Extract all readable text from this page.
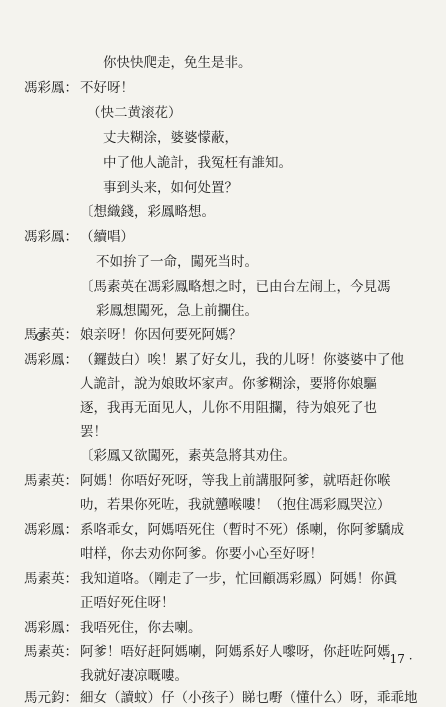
你快快爬走，免生是非。
馮彩鳳： 不好呀！
（快二黄滚花）
丈夫糊涂，婆婆懞蔽，
中了他人詭計，我冤枉有誰知。
事到头来，如何处置？
〔想織錢，彩鳳略想。
馮彩鳳： （續唱）
不如拚了一命，闖死当时。
〔馬素英在馮彩鳳略想之时，已由台左闹上，今見馮
彩鳳想闖死，急上前攔住。
馬素英： 娘亲呀！你因何要死阿媽？
馮彩鳳： （鑼鼓白）唉！累了好女儿，我的儿呀！你婆婆中了他
人詭計，說为娘敗坏家声。你爹糊涂，要將你娘驅
逐，我再无面见人，儿你不用阻攔，待为娘死了也
罢！
〔彩鳳又欲闖死，素英急將其劝住。
馬素英： 阿媽！你唔好死呀，等我上前講服阿爹，就唔赶你喉
叻，若果你死咗，我就戇喉嘍！（抱住馮彩鳳哭泣）
馮彩鳳： 系咯乖女，阿媽唔死住（暫时不死）係喇，你阿爹驕成
咁样，你去劝你阿爹。你要小心至好呀！
馬素英： 我知道咯。（剛走了一步，忙回顧馮彩鳳）阿媽！你眞
正唔好死住呀！
馮彩鳳： 我唔死住，你去喇。
馬素英： 阿爹！唔好赶阿媽喇，阿媽系好人嚟呀，你赶咗阿媽
我就好凄凉嘅嘍。
馬元鈞： 細女（讀蚊）仔（小孩子）睇乜嘢（懂什么）呀，乖乖地
· 17 ·
